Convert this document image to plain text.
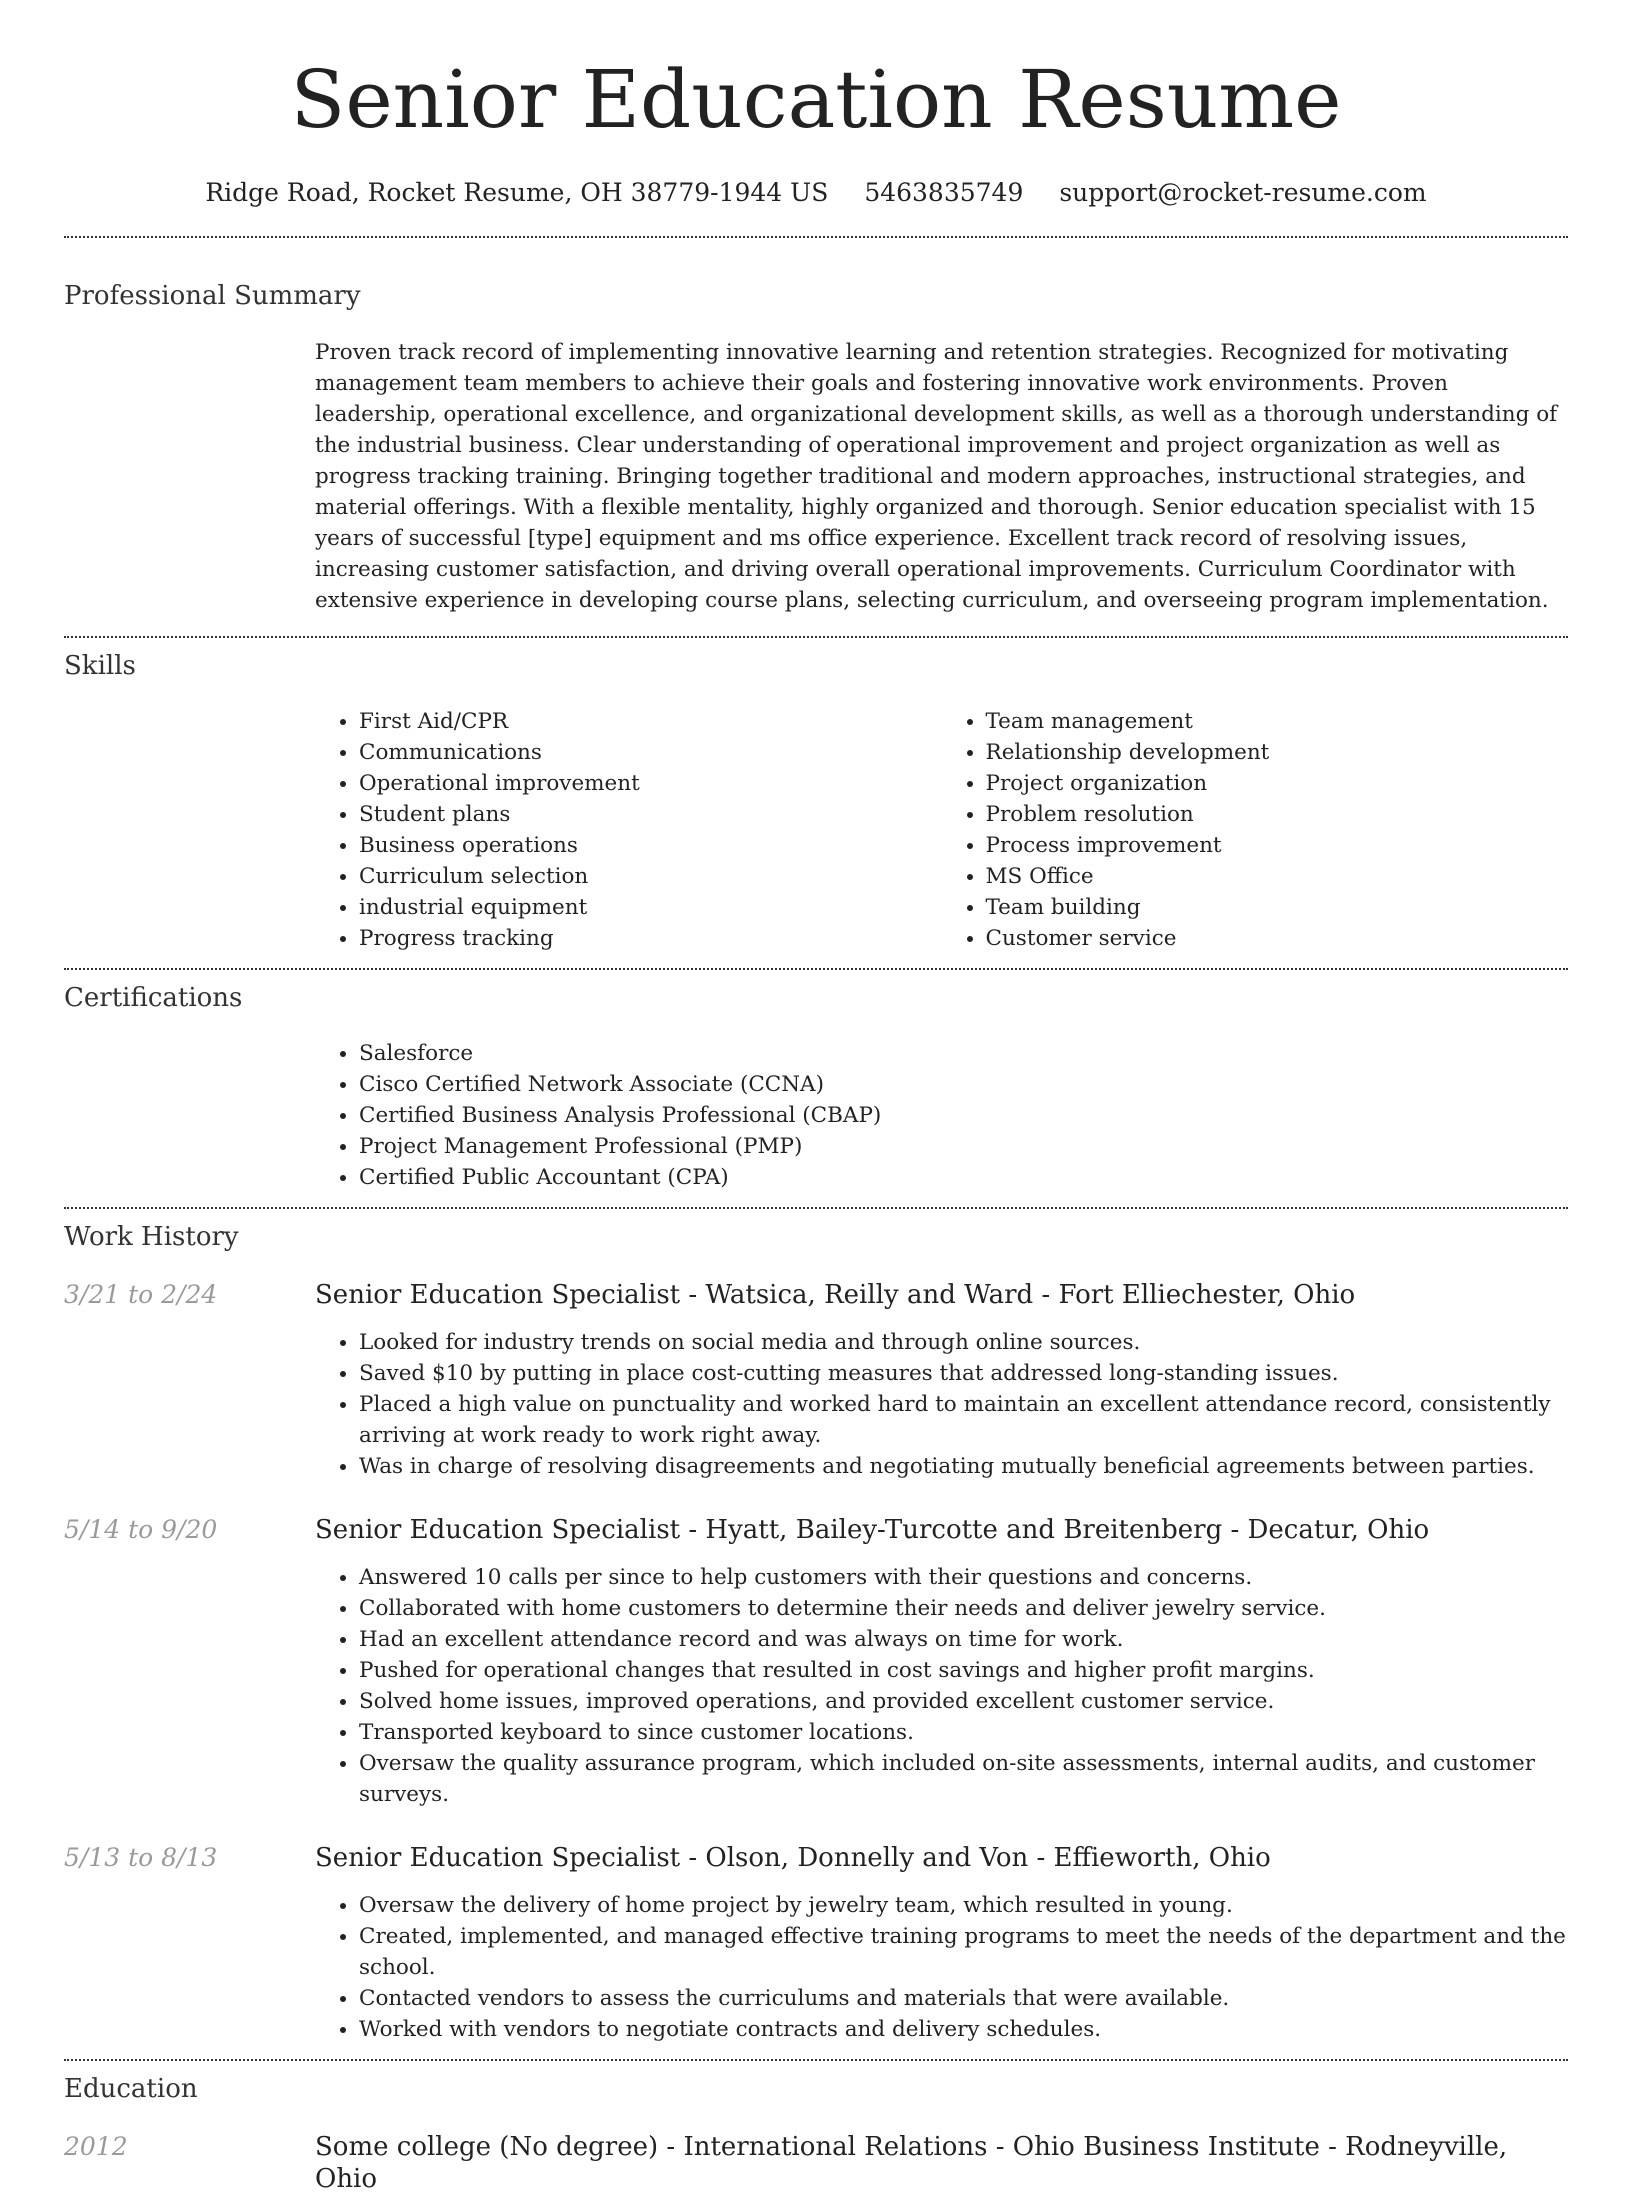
Senior Education Resume
Ridge Road, Rocket Resume, OH 38779-1944 US 5463835749 support@rocket-resume.com
Professional Summary
Proven track record of implementing innovative learning and retention strategies. Recognized for motivating management team members to achieve their goals and fostering innovative work environments. Proven leadership, operational excellence, and organizational development skills, as well as a thorough understanding of the industrial business. Clear understanding of operational improvement and project organization as well as progress tracking training. Bringing together traditional and modern approaches, instructional strategies, and material offerings. With a flexible mentality, highly organized and thorough. Senior education specialist with 15 years of successful [type] equipment and ms office experience. Excellent track record of resolving issues, increasing customer satisfaction, and driving overall operational improvements. Curriculum Coordinator with extensive experience in developing course plans, selecting curriculum, and overseeing program implementation.
Skills
• First Aid/CPR
• Communications
• Operational improvement
• Student plans
• Business operations
• Curriculum selection
• industrial equipment
• Progress tracking
• Team management
• Relationship development
• Project organization
• Problem resolution
• Process improvement
• MS Office
• Team building
• Customer service
Certifications
• Salesforce
• Cisco Certified Network Associate (CCNA)
• Certified Business Analysis Professional (CBAP)
• Project Management Professional (PMP)
• Certified Public Accountant (CPA)
Work History
3/21 to 2/24	Senior Education Specialist - Watsica, Reilly and Ward - Fort Elliechester, Ohio
• Looked for industry trends on social media and through online sources.
• Saved $10 by putting in place cost-cutting measures that addressed long-standing issues.
• Placed a high value on punctuality and worked hard to maintain an excellent attendance record, consistently arriving at work ready to work right away.
• Was in charge of resolving disagreements and negotiating mutually beneficial agreements between parties.
5/14 to 9/20	Senior Education Specialist - Hyatt, Bailey-Turcotte and Breitenberg - Decatur, Ohio
• Answered 10 calls per since to help customers with their questions and concerns.
• Collaborated with home customers to determine their needs and deliver jewelry service.
• Had an excellent attendance record and was always on time for work.
• Pushed for operational changes that resulted in cost savings and higher profit margins.
• Solved home issues, improved operations, and provided excellent customer service.
• Transported keyboard to since customer locations.
• Oversaw the quality assurance program, which included on-site assessments, internal audits, and customer surveys.
5/13 to 8/13	Senior Education Specialist - Olson, Donnelly and Von - Effieworth, Ohio
• Oversaw the delivery of home project by jewelry team, which resulted in young.
• Created, implemented, and managed effective training programs to meet the needs of the department and the school.
• Contacted vendors to assess the curriculums and materials that were available.
• Worked with vendors to negotiate contracts and delivery schedules.
Education
2012	Some college (No degree) - International Relations - Ohio Business Institute - Rodneyville, Ohio
